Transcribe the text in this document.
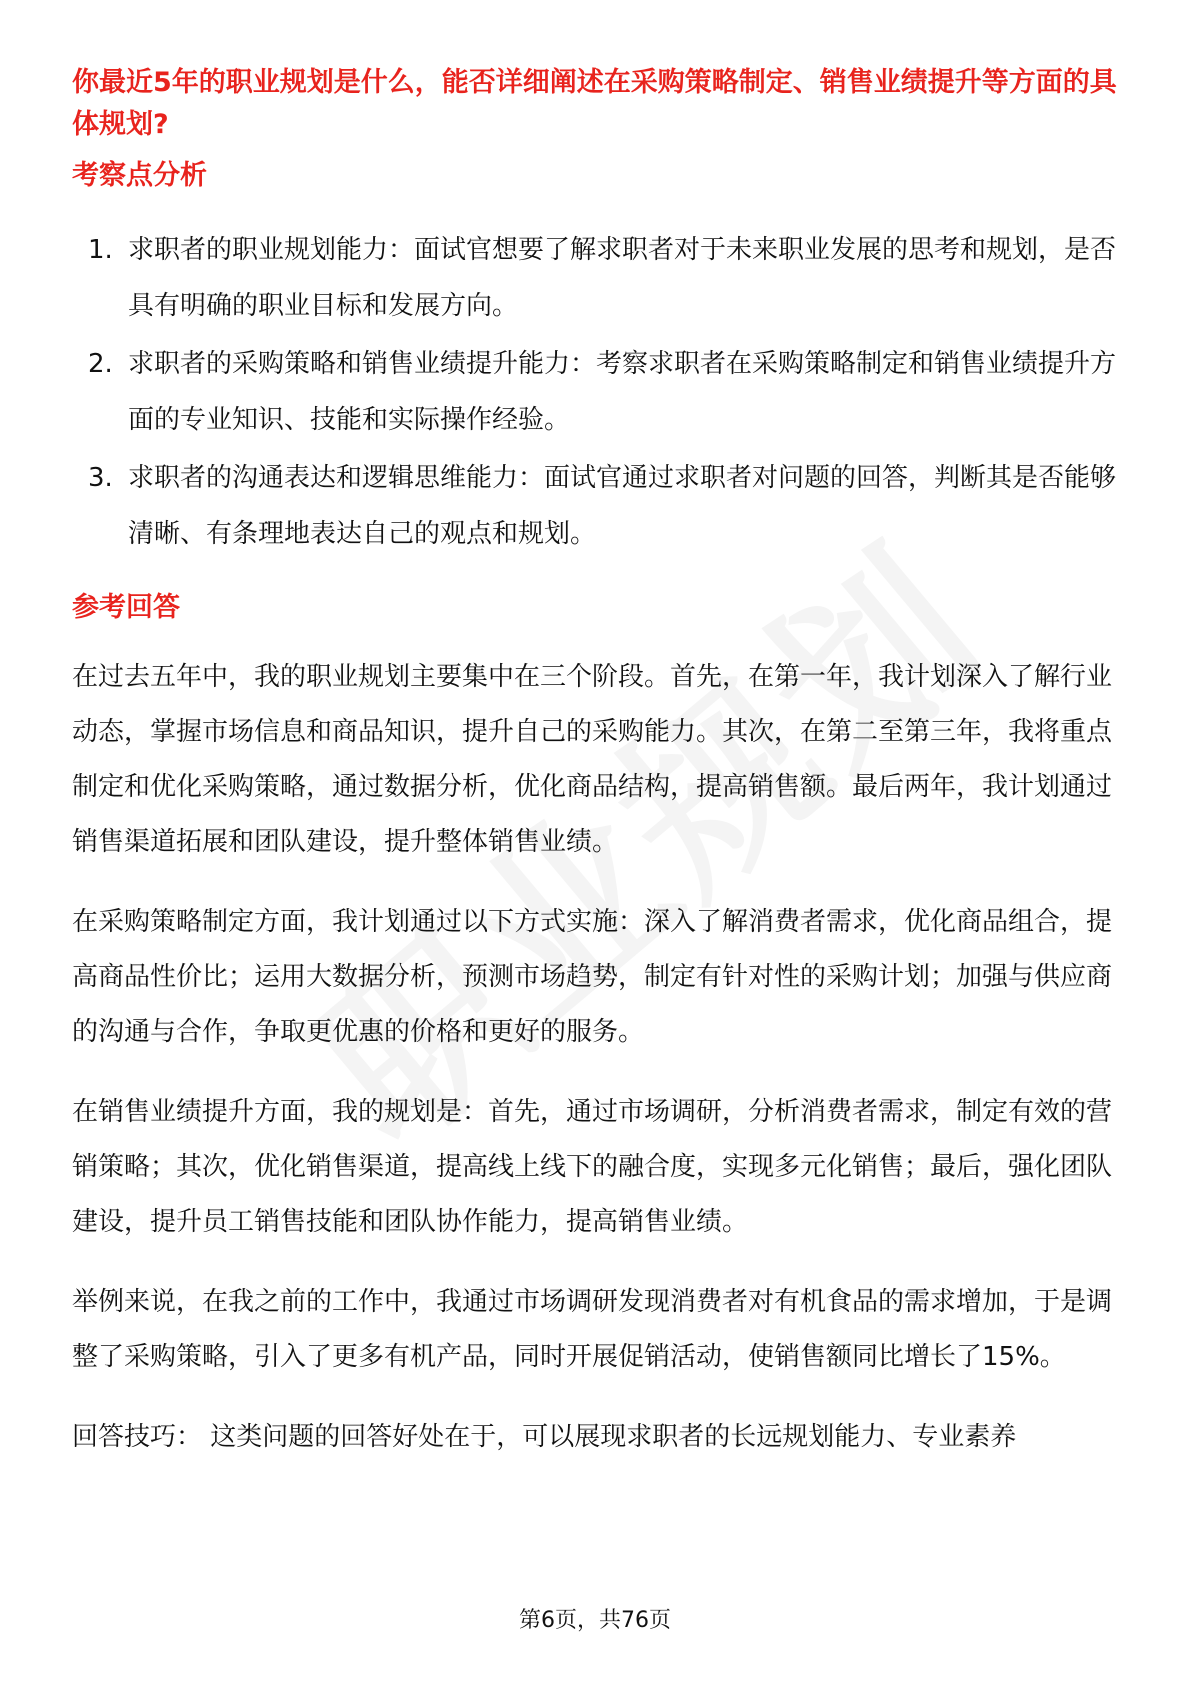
你最近5年的职业规划是什么，能否详细阐述在采购策略制定、销售业绩提升等方面的具体规划?

考察点分析

1. 求职者的职业规划能力：面试官想要了解求职者对于未来职业发展的思考和规划，是否具有明确的职业目标和发展方向。
2. 求职者的采购策略和销售业绩提升能力：考察求职者在采购策略制定和销售业绩提升方面的专业知识、技能和实际操作经验。
3. 求职者的沟通表达和逻辑思维能力：面试官通过求职者对问题的回答，判断其是否能够清晰、有条理地表达自己的观点和规划。

参考回答

在过去五年中，我的职业规划主要集中在三个阶段。首先，在第一年，我计划深入了解行业动态，掌握市场信息和商品知识，提升自己的采购能力。其次，在第二至第三年，我将重点制定和优化采购策略，通过数据分析，优化商品结构，提高销售额。最后两年，我计划通过销售渠道拓展和团队建设，提升整体销售业绩。

在采购策略制定方面，我计划通过以下方式实施：深入了解消费者需求，优化商品组合，提高商品性价比；运用大数据分析，预测市场趋势，制定有针对性的采购计划；加强与供应商的沟通与合作，争取更优惠的价格和更好的服务。

在销售业绩提升方面，我的规划是：首先，通过市场调研，分析消费者需求，制定有效的营销策略；其次，优化销售渠道，提高线上线下的融合度，实现多元化销售；最后，强化团队建设，提升员工销售技能和团队协作能力，提高销售业绩。

举例来说，在我之前的工作中，我通过市场调研发现消费者对有机食品的需求增加，于是调整了采购策略，引入了更多有机产品，同时开展促销活动，使销售额同比增长了15%。

回答技巧： 这类问题的回答好处在于，可以展现求职者的长远规划能力、专业素养

第6页，共76页
